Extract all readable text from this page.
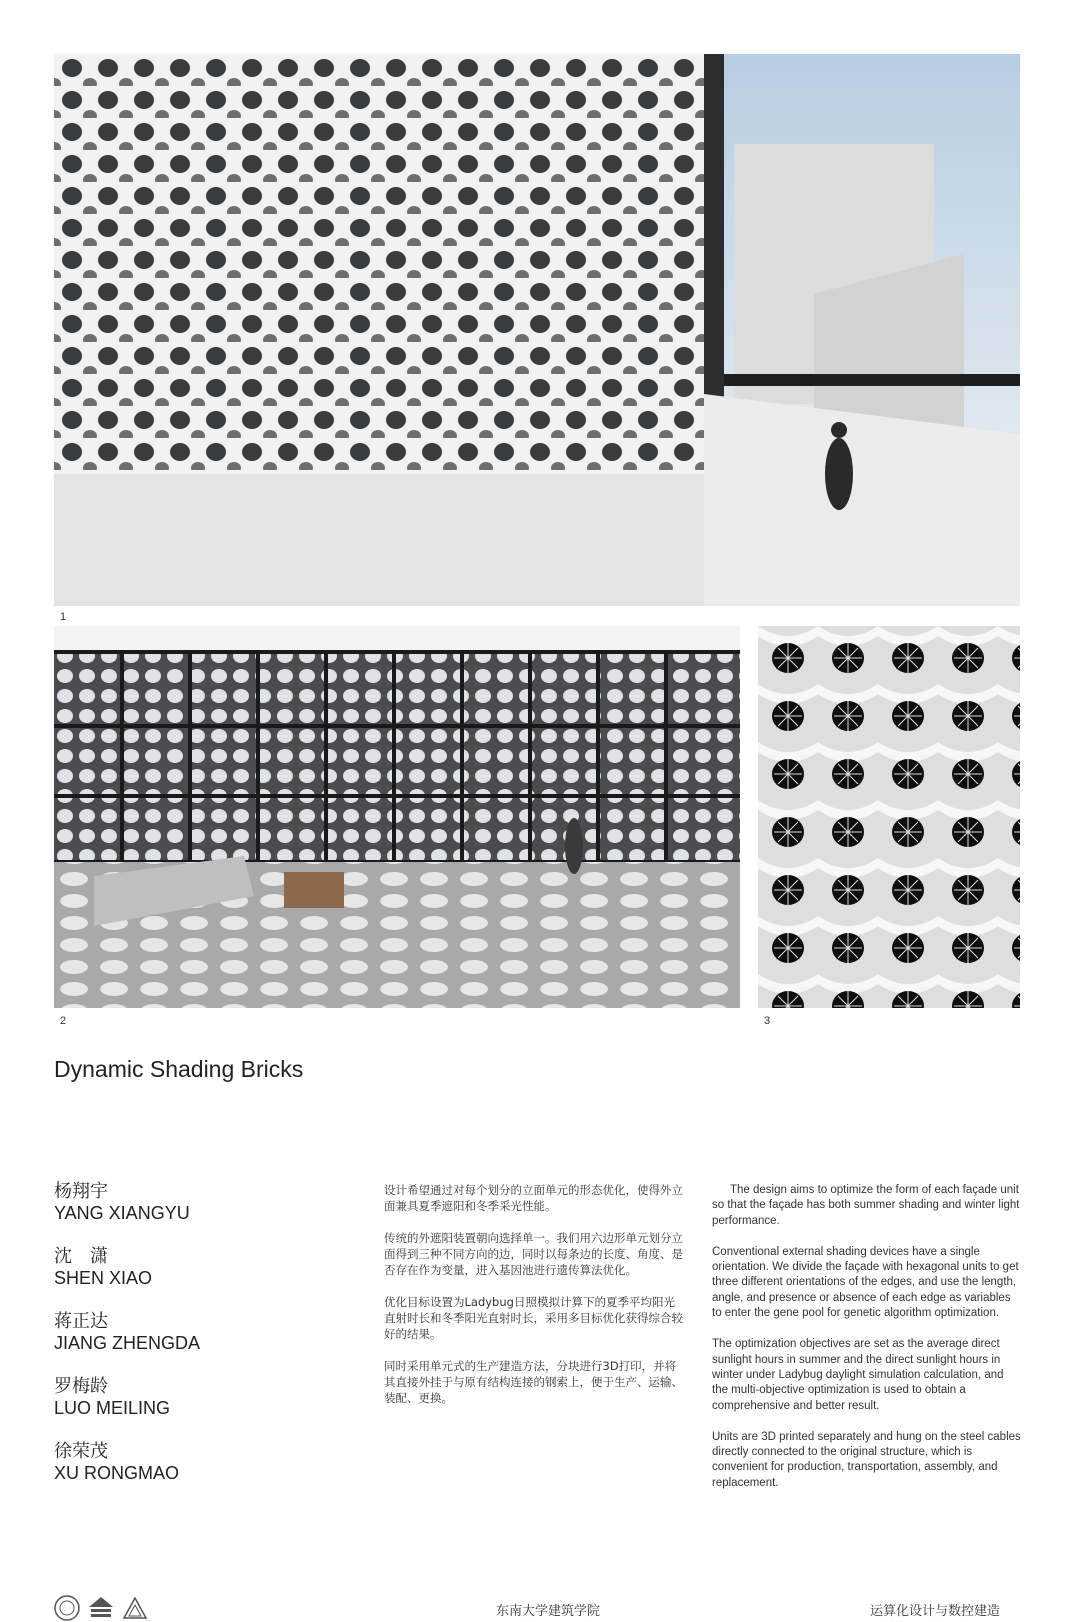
1
2	3
Dynamic Shading Bricks
杨翔宇
YANG XIANGYU
沈　潇
SHEN XIAO
蒋正达
JIANG ZHENGDA
罗梅龄
LUO MEILING
徐荣茂
XU RONGMAO

设计希望通过对每个划分的立面单元的形态优化，使得外立面兼具夏季遮阳和冬季采光性能。

传统的外遮阳装置朝向选择单一。我们用六边形单元划分立面得到三种不同方向的边，同时以每条边的长度、角度、是否存在作为变量，进入基因池进行遗传算法优化。

优化目标设置为Ladybug日照模拟计算下的夏季平均阳光直射时长和冬季阳光直射时长，采用多目标优化获得综合较好的结果。

同时采用单元式的生产建造方法，分块进行3D打印，并将其直接外挂于与原有结构连接的钢索上，便于生产、运输、装配、更换。

The design aims to optimize the form of each façade unit so that the façade has both summer shading and winter light performance.

Conventional external shading devices have a single orientation. We divide the façade with hexagonal units to get three different orientations of the edges, and use the length, angle, and presence or absence of each edge as variables to enter the gene pool for genetic algorithm optimization.

The optimization objectives are set as the average direct sunlight hours in summer and the direct sunlight hours in winter under Ladybug daylight simulation calculation, and the multi-objective optimization is used to obtain a comprehensive and better result.

Units are 3D printed separately and hung on the steel cables directly connected to the original structure, which is convenient for production, transportation, assembly, and replacement.

东南大学建筑学院	运算化设计与数控建造
